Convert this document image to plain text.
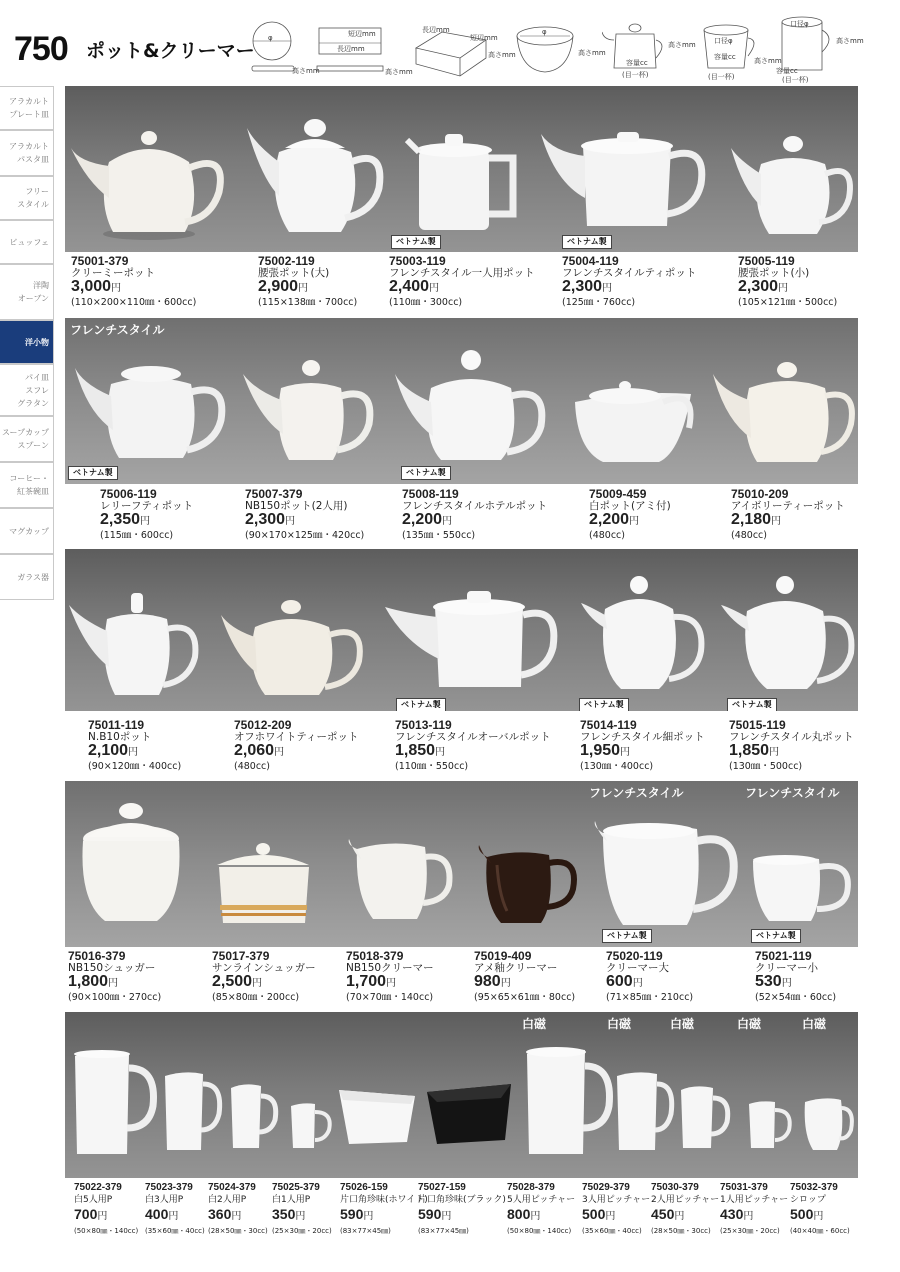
750 ポット&クリーマー
φ
高さmm
短辺mm
長辺mm
高さmm
長辺mm
短辺mm
高さmm
φ
高さmm
高さmm
容量cc
(目一杯)
口径φ
高さmm
容量cc
(目一杯)
口径φ
高さmm
容量cc
(目一杯)
アラカルト
プレート皿
アラカルト
パスタ皿
フリー
スタイル
ビュッフェ
洋陶
オーブン
洋小物
パイ皿
スフレ
グラタン
スープカップ
スプーン
コーヒー・
紅茶碗皿
マグカップ
ガラス器
ベトナム製	ベトナム製
75001-379
クリーミーポット
3,000円
(110×200×110㎜・600cc)
75002-119
腰張ポット(大)
2,900円
(115×138㎜・700cc)
75003-119
フレンチスタイル一人用ポット
2,400円
(110㎜・300cc)
75004-119
フレンチスタイルティポット
2,300円
(125㎜・760cc)
75005-119
腰張ポット(小)
2,300円
(105×121㎜・500cc)
フレンチスタイル
ベトナム製	ベトナム製
75006-119
レリーフティポット
2,350円
(115㎜・600cc)
75007-379
NB150ポット(2人用)
2,300円
(90×170×125㎜・420cc)
75008-119
フレンチスタイルホテルポット
2,200円
(135㎜・550cc)
75009-459
白ポット(アミ付)
2,200円
(480cc)
75010-209
アイボリーティーポット
2,180円
(480cc)
ベトナム製	ベトナム製	ベトナム製
75011-119
N.B10ポット
2,100円
(90×120㎜・400cc)
75012-209
オフホワイトティーポット
2,060円
(480cc)
75013-119
フレンチスタイルオーバルポット
1,850円
(110㎜・550cc)
75014-119
フレンチスタイル細ポット
1,950円
(130㎜・400cc)
75015-119
フレンチスタイル丸ポット
1,850円
(130㎜・500cc)
フレンチスタイル	フレンチスタイル
ベトナム製	ベトナム製
75016-379
NB150シュッガー
1,800円
(90×100㎜・270cc)
75017-379
サンラインシュッガー
2,500円
(85×80㎜・200cc)
75018-379
NB150クリーマー
1,700円
(70×70㎜・140cc)
75019-409
アメ釉クリーマー
980円
(95×65×61㎜・80cc)
75020-119
クリーマー大
600円
(71×85㎜・210cc)
75021-119
クリーマー小
530円
(52×54㎜・60cc)
白磁	白磁	白磁	白磁	白磁
75022-379
白5人用P
700円
(50×80㎜・140cc)
75023-379
白3人用P
400円
(35×60㎜・40cc)
75024-379
白2人用P
360円
(28×50㎜・30cc)
75025-379
白1人用P
350円
(25×30㎜・20cc)
75026-159
片口角珍味(ホワイト)
590円
(83×77×45㎜)
75027-159
片口角珍味(ブラック)
590円
(83×77×45㎜)
75028-379
5人用ピッチャー
800円
(50×80㎜・140cc)
75029-379
3人用ピッチャー
500円
(35×60㎜・40cc)
75030-379
2人用ピッチャー
450円
(28×50㎜・30cc)
75031-379
1人用ピッチャー
430円
(25×30㎜・20cc)
75032-379
シロップ
500円
(40×40㎜・60cc)
